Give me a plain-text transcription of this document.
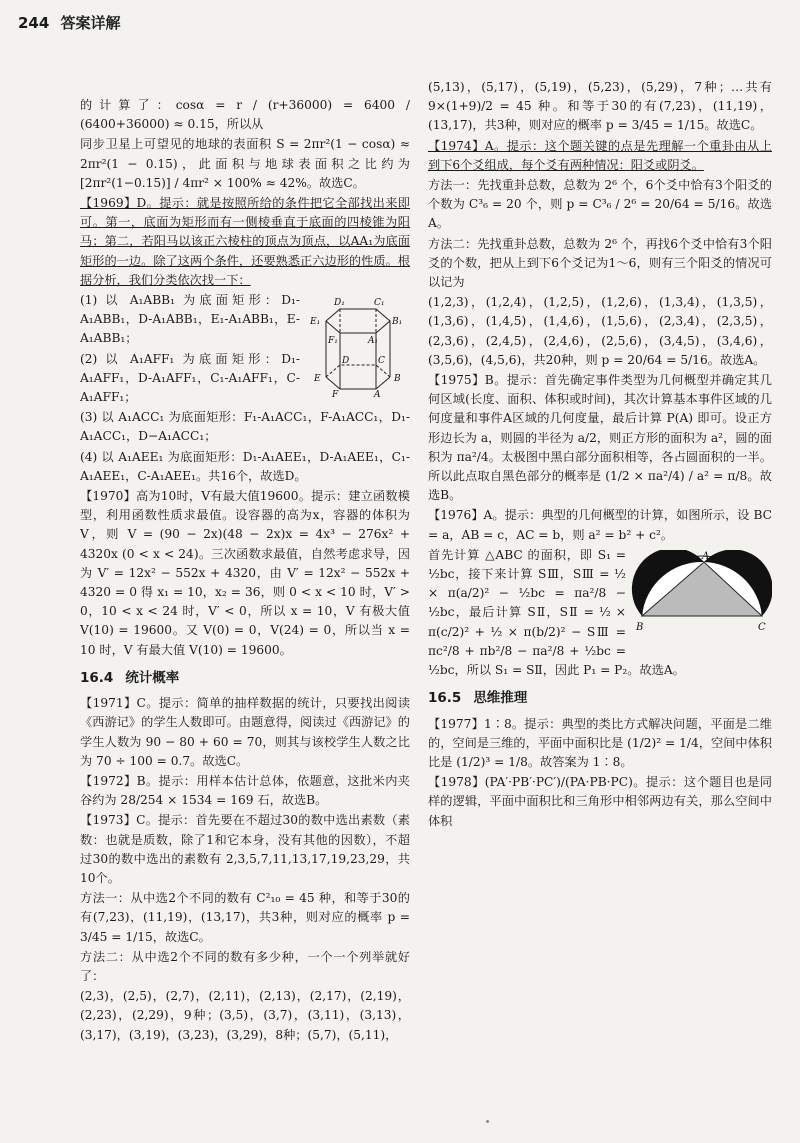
244 答案详解

的计算了：cosα = r / (r+36000) = 6400 / (6400+36000) ≈ 0.15，所以从

同步卫星上可望见的地球的表面积 S = 2πr²(1 − cosα) ≈ 2πr²(1 − 0.15)，此面积与地球表面积之比约为 [2πr²(1−0.15)] / 4πr² × 100% ≈ 42%。故选C。

【1969】D。提示：就是按照所给的条件把它全部找出来即可。第一，底面为矩形而有一侧棱垂直于底面的四棱锥为阳马；第二，若阳马以该正六棱柱的顶点为顶点，以AA₁为底面矩形的一边。除了这两个条件，还要熟悉正六边形的性质。根据分析，我们分类依次找一下：

E₁
F₁
D₁	C₁
B₁
A₁
E
D	C
B
F	A

(1) 以 A₁ABB₁ 为底面矩形：D₁-A₁ABB₁，D-A₁ABB₁，E₁-A₁ABB₁，E-A₁ABB₁；

(2) 以 A₁AFF₁ 为底面矩形：D₁-A₁AFF₁，D-A₁AFF₁，C₁-A₁AFF₁，C-A₁AFF₁；

(3) 以 A₁ACC₁ 为底面矩形：F₁-A₁ACC₁，F-A₁ACC₁，D₁-A₁ACC₁，D−A₁ACC₁；

(4) 以 A₁AEE₁ 为底面矩形：D₁-A₁AEE₁，D-A₁AEE₁，C₁-A₁AEE₁，C-A₁AEE₁。共16个，故选D。

【1970】高为10时，V有最大值19600。提示：建立函数模型，利用函数性质求最值。设容器的高为x，容器的体积为V，则 V = (90 − 2x)(48 − 2x)x = 4x³ − 276x² + 4320x (0 < x < 24)。三次函数求最值，自然考虑求导，因为 V′ = 12x² − 552x + 4320，由 V′ = 12x² − 552x + 4320 = 0 得 x₁ = 10，x₂ = 36，则 0 < x < 10 时，V′ > 0，10 < x < 24 时，V′ < 0，所以 x = 10，V 有极大值 V(10) = 19600。又 V(0) = 0，V(24) = 0，所以当 x = 10 时，V 有最大值 V(10) = 19600。

16.4 统计概率

【1971】C。提示：简单的抽样数据的统计，只要找出阅读《西游记》的学生人数即可。由题意得，阅读过《西游记》的学生人数为 90 − 80 + 60 = 70，则其与该校学生人数之比为 70 ÷ 100 = 0.7。故选C。

【1972】B。提示：用样本估计总体，依题意，这批米内夹谷约为 28/254 × 1534 = 169 石，故选B。

【1973】C。提示：首先要在不超过30的数中选出素数（素数：也就是质数，除了1和它本身，没有其他的因数），不超过30的数中选出的素数有 2,3,5,7,11,13,17,19,23,29，共10个。

方法一：从中选2个不同的数有 C²₁₀ = 45 种，和等于30的有(7,23)，(11,19)，(13,17)，共3种，则对应的概率 p = 3/45 = 1/15，故选C。

方法二：从中选2个不同的数有多少种，一个一个列举就好了：

(2,3)，(2,5)，(2,7)，(2,11)，(2,13)，(2,17)，(2,19)，(2,23)，(2,29)，9种；(3,5)，(3,7)，(3,11)，(3,13)，(3,17)，(3,19)，(3,23)，(3,29)，8种；(5,7)，(5,11)，

(5,13)，(5,17)，(5,19)，(5,23)，(5,29)，7种；…共有 9×(1+9)/2 = 45 种。和等于30的有(7,23)，(11,19)，(13,17)，共3种，则对应的概率 p = 3/45 = 1/15。故选C。

【1974】A。提示：这个题关键的点是先理解一个重卦由从上到下6个爻组成，每个爻有两种情况：阳爻或阴爻。

方法一：先找重卦总数，总数为 2⁶ 个，6个爻中恰有3个阳爻的个数为 C³₆ = 20 个，则 p = C³₆ / 2⁶ = 20/64 = 5/16。故选A。

方法二：先找重卦总数，总数为 2⁶ 个，再找6个爻中恰有3个阳爻的个数，把从上到下6个爻记为1～6，则有三个阳爻的情况可以记为

(1,2,3)，(1,2,4)，(1,2,5)，(1,2,6)，(1,3,4)，(1,3,5)，(1,3,6)，(1,4,5)，(1,4,6)，(1,5,6)，(2,3,4)，(2,3,5)，(2,3,6)，(2,4,5)，(2,4,6)，(2,5,6)，(3,4,5)，(3,4,6)，(3,5,6)，(4,5,6)，共20种，则 p = 20/64 = 5/16。故选A。

【1975】B。提示：首先确定事件类型为几何概型并确定其几何区域(长度、面积、体积或时间)，其次计算基本事件区域的几何度量和事件A区域的几何度量，最后计算 P(A) 即可。设正方形边长为 a，则圆的半径为 a/2，则正方形的面积为 a²，圆的面积为 πa²/4。太极图中黑白部分面积相等，各占圆面积的一半。所以此点取自黑色部分的概率是 (1/2 × πa²/4) / a² = π/8。故选B。

【1976】A。提示：典型的几何概型的计算，如图所示，设 BC = a，AB = c，AC = b，则 a² = b² + c²。

A
B	C

首先计算 △ABC 的面积，即 S₁ = ½bc，接下来计算 SⅢ，SⅢ = ½ × π(a/2)² − ½bc = πa²/8 − ½bc，最后计算 SⅡ，SⅡ = ½ × π(c/2)² + ½ × π(b/2)² − SⅢ = πc²/8 + πb²/8 − πa²/8 + ½bc = ½bc，所以 S₁ = SⅡ，因此 P₁ = P₂。故选A。

16.5 思维推理

【1977】1∶8。提示：典型的类比方式解决问题，平面是二维的，空间是三维的，平面中面积比是 (1/2)² = 1/4，空间中体积比是 (1/2)³ = 1/8。故答案为 1∶8。

【1978】(PA′·PB′·PC′)/(PA·PB·PC)。提示：这个题目也是同样的逻辑，平面中面积比和三角形中相邻两边有关，那么空间中体积
